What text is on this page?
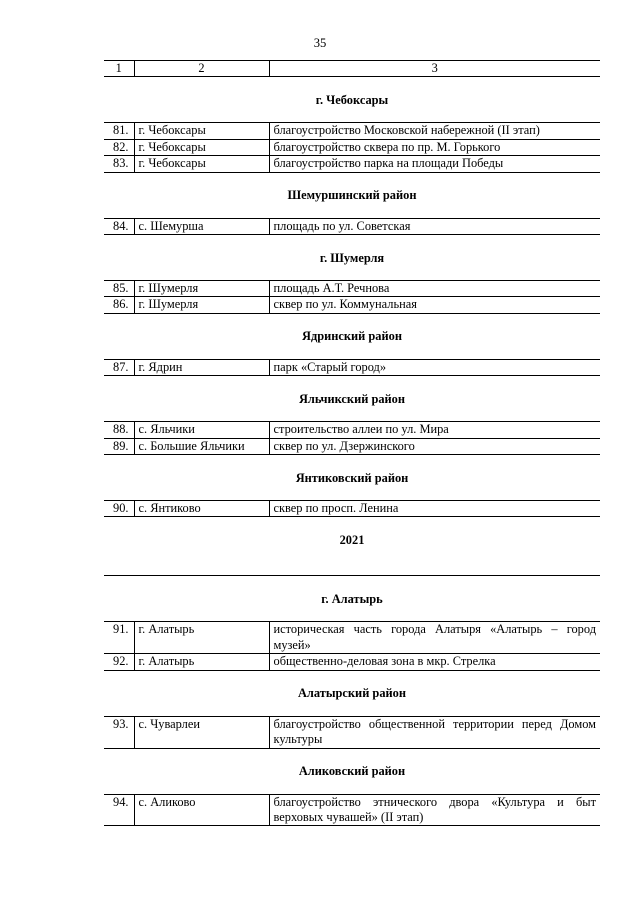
35
1	2	3
г. Чебоксары		
81.	г. Чебоксары	благоустройство Московской набережной (II этап)
82.	г. Чебоксары	благоустройство сквера по пр. М. Горького
83.	г. Чебоксары	благоустройство парка на площади Победы
Шемуршинский район		
84.	с. Шемурша	площадь по ул. Советская
г. Шумерля		
85.	г. Шумерля	площадь А.Т. Речнова
86.	г. Шумерля	сквер по ул. Коммунальная
Ядринский район		
87.	г. Ядрин	парк «Старый город»
Яльчикский район		
88.	с. Яльчики	строительство аллеи по ул. Мира
89.	с. Большие Яльчики	сквер по ул. Дзержинского
Янтиковский район		
90.	с. Янтиково	сквер по просп. Ленина
2021		

г. Алатырь		
91.	г. Алатырь	историческая часть города Алатыря «Алатырь – город музей»
92.	г. Алатырь	общественно-деловая зона в мкр. Стрелка
Алатырский район		
93.	с. Чуварлеи	благоустройство общественной территории перед Домом культуры
Аликовский район		
94.	с. Аликово	благоустройство этнического двора «Культура и быт верховых чувашей» (II этап)
